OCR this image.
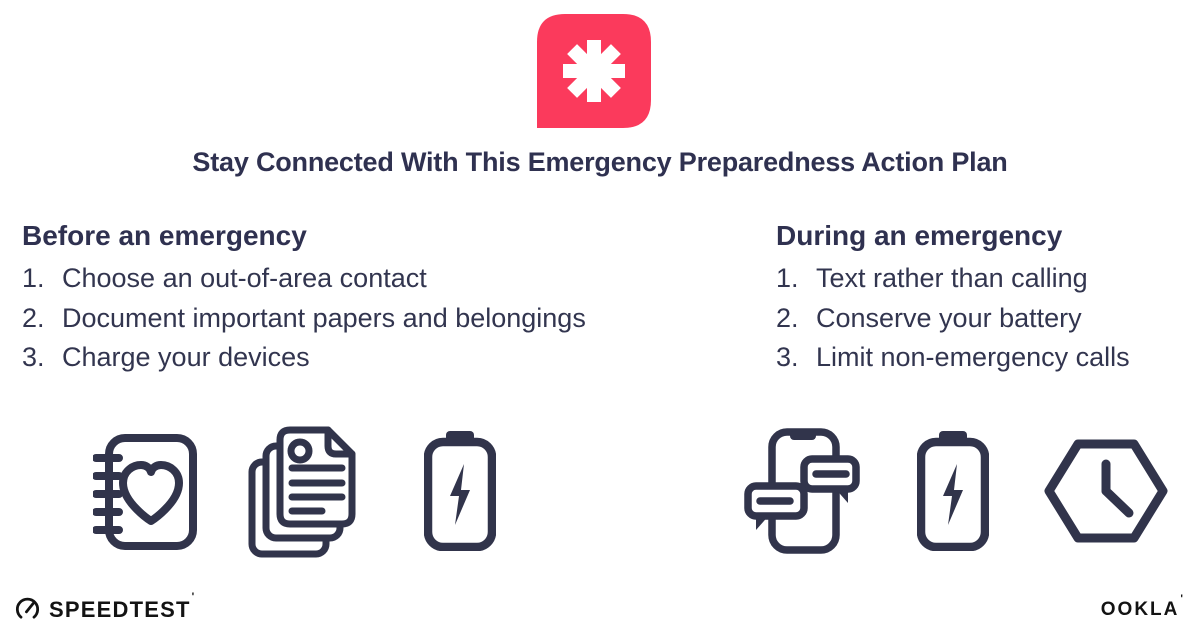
Stay Connected With This Emergency Preparedness Action Plan
Before an emergency
1. Choose an out-of-area contact
2. Document important papers and belongings
3. Charge your devices
During an emergency
1. Text rather than calling
2. Conserve your battery
3. Limit non-emergency calls
SPEEDTEST'
OOKLA'
